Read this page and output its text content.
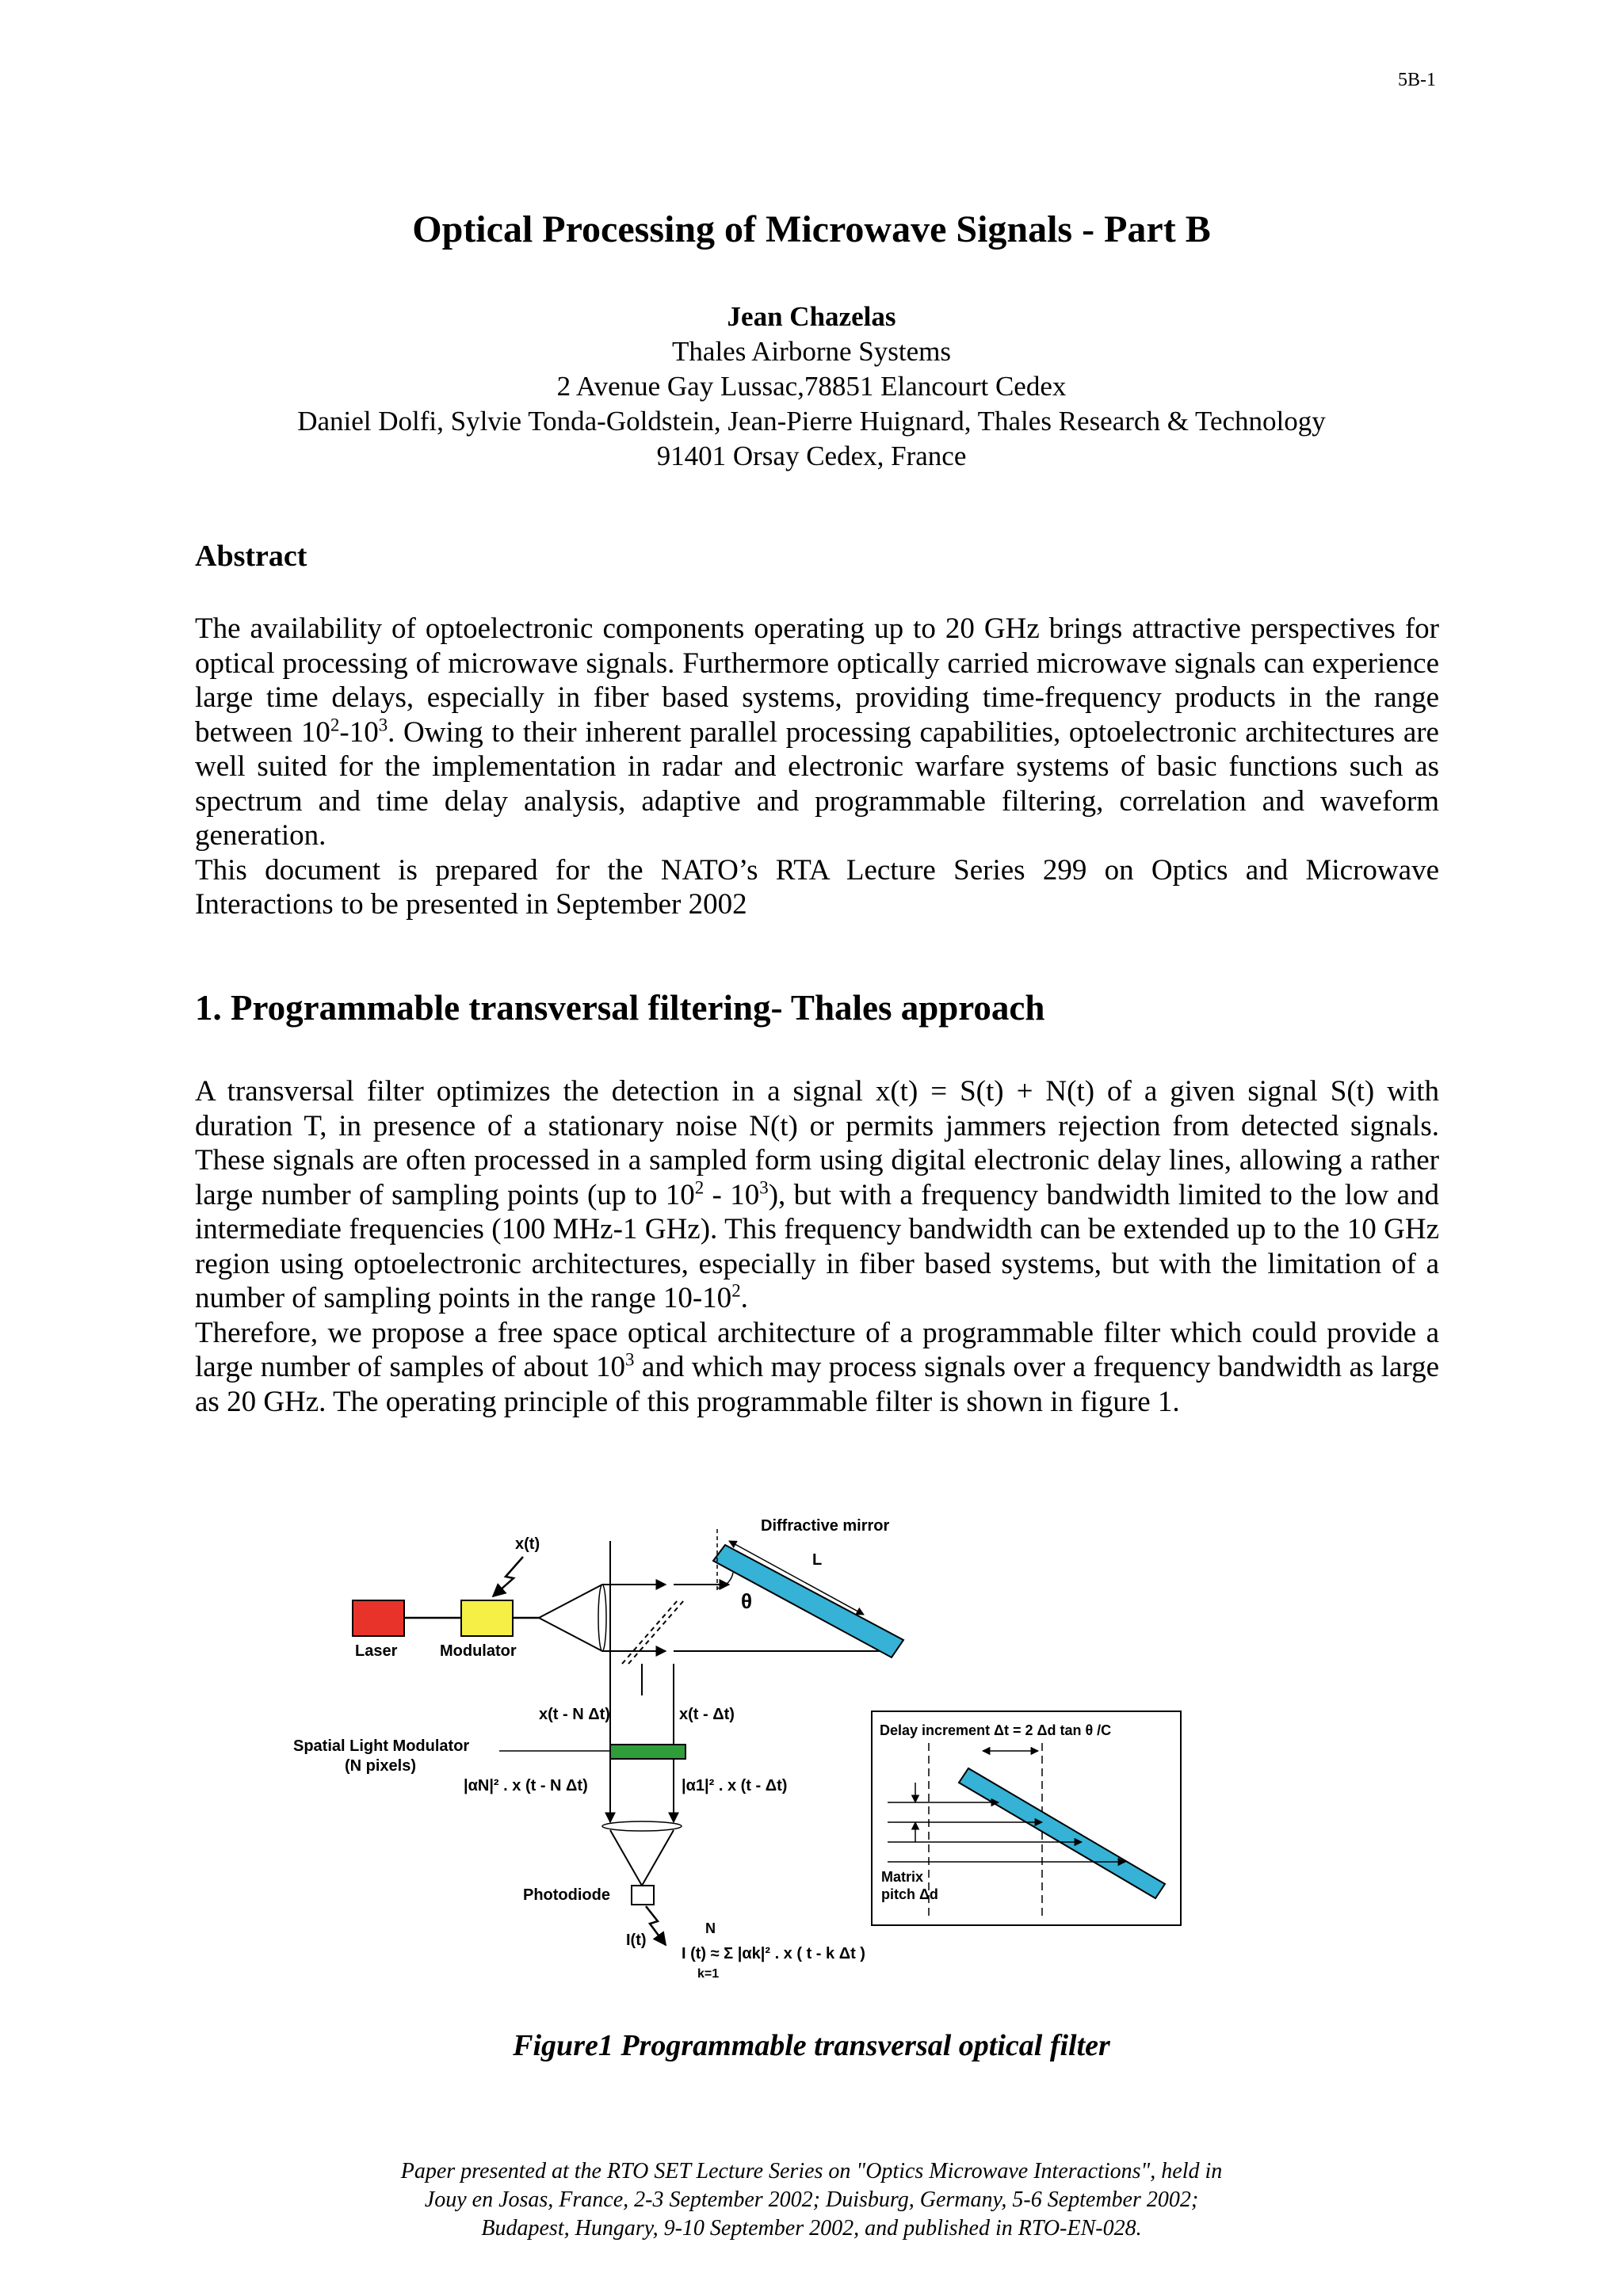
5B-1
Optical Processing of Microwave Signals - Part B
Jean Chazelas
Thales Airborne Systems
2 Avenue Gay Lussac,78851 Elancourt Cedex
Daniel Dolfi, Sylvie Tonda-Goldstein, Jean-Pierre Huignard, Thales Research & Technology
91401 Orsay Cedex, France
Abstract

The availability of optoelectronic components operating up to 20 GHz brings attractive perspectives for optical processing of microwave signals. Furthermore optically carried microwave signals can experience large time delays, especially in fiber based systems, providing time-frequency products in the range between $10^2-10^3$. Owing to their inherent parallel processing capabilities, optoelectronic architectures are well suited for the implementation in radar and electronic warfare systems of basic functions such as spectrum and time delay analysis, adaptive and programmable filtering, correlation and waveform generation.

This document is prepared for the NATO’s RTA Lecture Series 299 on Optics and Microwave Interactions to be presented in September 2002

1. Programmable transversal filtering- Thales approach

A transversal filter optimizes the detection in a signal x(t) = S(t) + N(t) of a given signal S(t) with duration T, in presence of a stationary noise N(t) or permits jammers rejection from detected signals. These signals are often processed in a sampled form using digital electronic delay lines, allowing a rather large number of sampling points (up to $10^2 - 10^3$), but with a frequency bandwidth limited to the low and intermediate frequencies (100 MHz-1 GHz). This frequency bandwidth can be extended up to the 10 GHz region using optoelectronic architectures, especially in fiber based systems, but with the limitation of a number of sampling points in the range $10-10^2$.

Therefore, we propose a free space optical architecture of a programmable filter which could provide a large number of samples of about $10^3$ and which may process signals over a frequency bandwidth as large as 20 GHz. The operating principle of this programmable filter is shown in figure 1.

Laser	Modulator
x(t)
Diffractive mirror
L
θ
x(t - N Δt)	x(t - Δt)
Spatial Light Modulator
(N pixels)
|αN|² . x (t - N Δt)	|α1|² . x (t - Δt)
Photodiode
I(t)
N
I (t) ≈ Σ |αk|² . x ( t - k Δt )
k=1
Delay increment Δt = 2 Δd tan θ /C
Matrix
pitch Δd
Figure1 Programmable transversal optical filter
Paper presented at the RTO SET Lecture Series on "Optics Microwave Interactions", held in
Jouy en Josas, France, 2-3 September 2002; Duisburg, Germany, 5-6 September 2002;
Budapest, Hungary, 9-10 September 2002, and published in RTO-EN-028.
